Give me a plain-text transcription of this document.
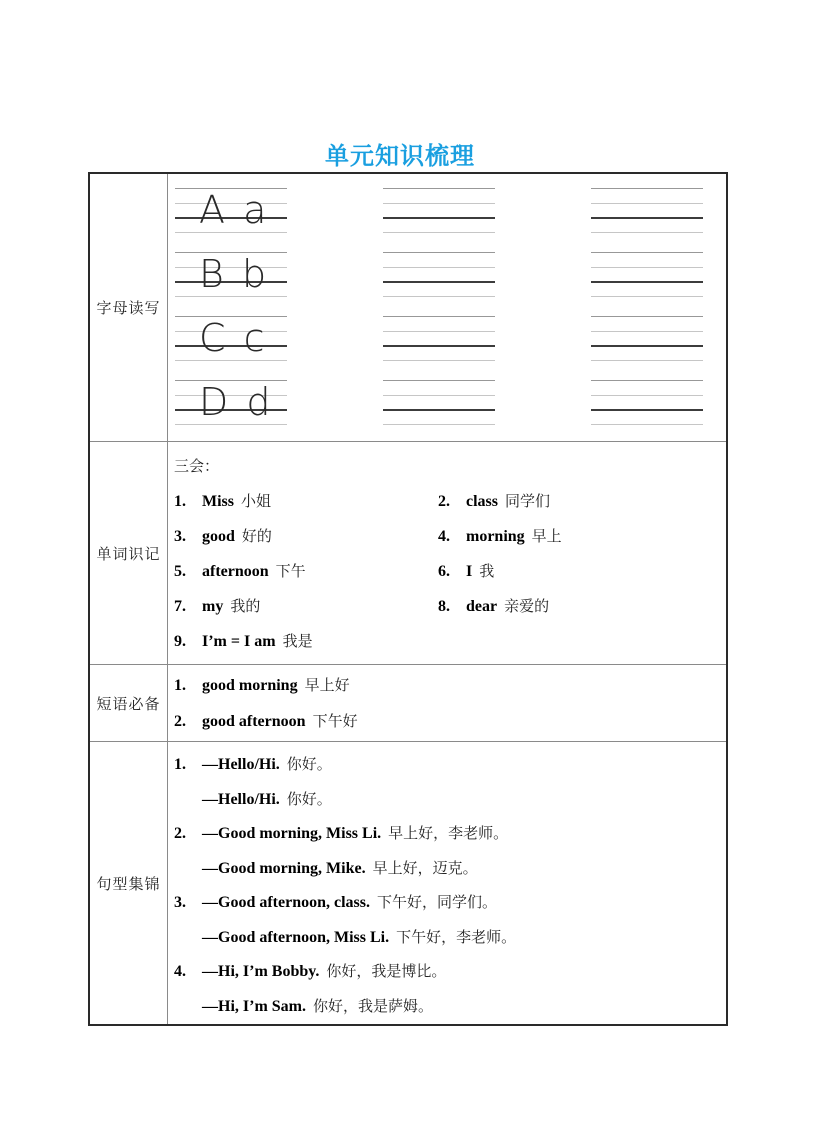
单元知识梳理
字母读写
A a
B b
C c
D d
单词识记
三会：
1. Miss 小姐	2. class 同学们
3. good 好的	4. morning 早上
5. afternoon 下午	6. I 我
7. my 我的	8. dear 亲爱的
9. I’m = I am 我是
短语必备
1. good morning 早上好
2. good afternoon 下午好
句型集锦
1. —Hello/Hi. 你好。
—Hello/Hi. 你好。
2. —Good morning, Miss Li. 早上好，李老师。
—Good morning, Mike. 早上好，迈克。
3. —Good afternoon, class. 下午好，同学们。
—Good afternoon, Miss Li. 下午好，李老师。
4. —Hi, I’m Bobby. 你好，我是博比。
—Hi, I’m Sam. 你好，我是萨姆。
